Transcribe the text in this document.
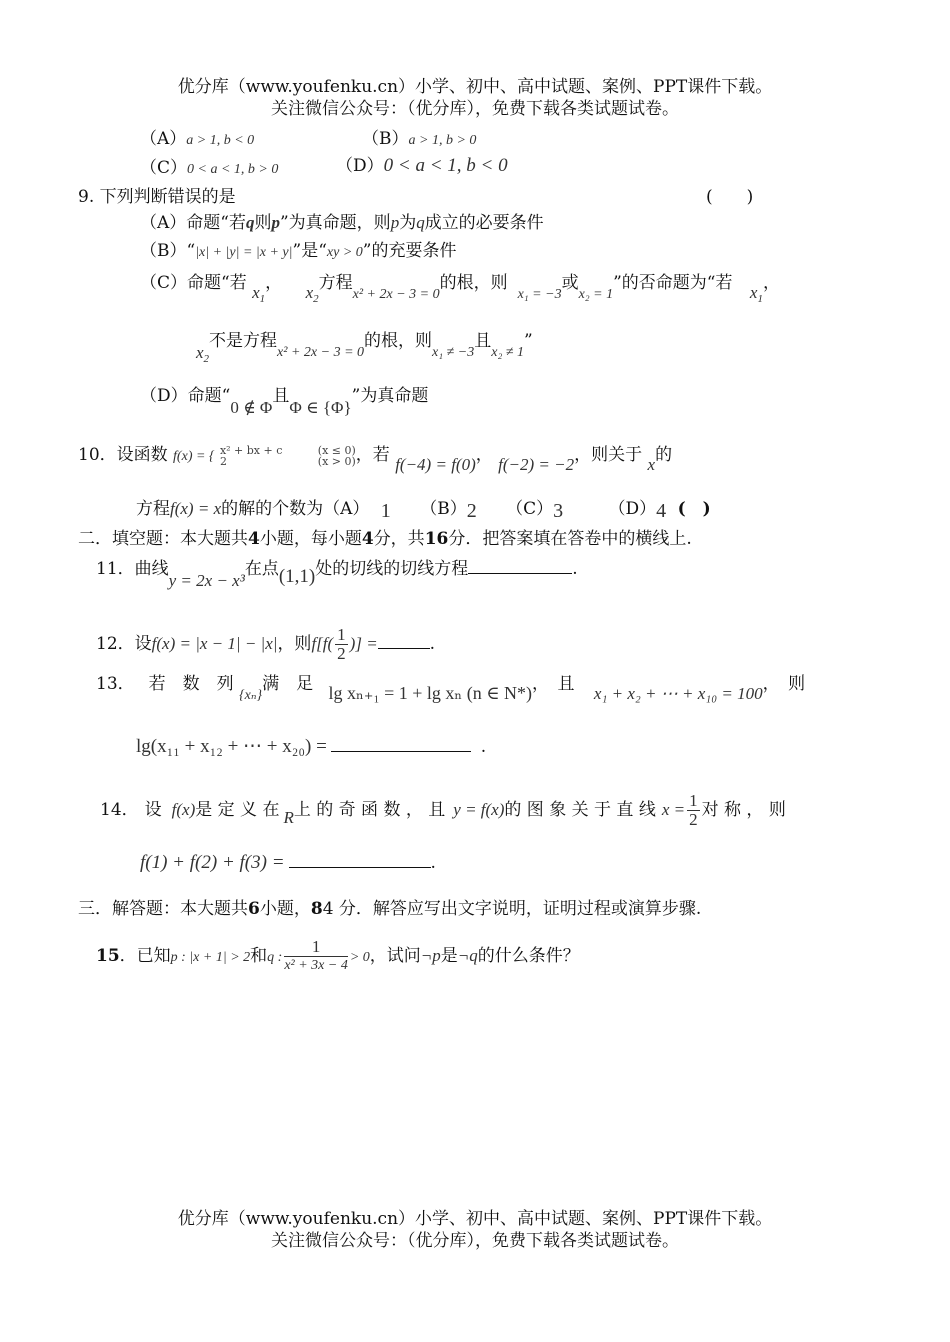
优分库（www.youfenku.cn）小学、初中、高中试题、案例、PPT课件下载。
关注微信公众号：（优分库），免费下载各类试题试卷。
（A）a > 1, b < 0	（B）a > 1, b > 0
（C）0 < a < 1, b > 0	（D）0 < a < 1, b < 0
9. 下列判断错误的是	(　　)
（A）命题“若q则p”为真命题，则p为q成立的必要条件
（B）“|x| + |y| = |x + y|”是“xy > 0”的充要条件
（C）命题“若 $x_1$， $x_2$方程$_{x^2 + 2x - 3 = 0}$的根，则$_{x_1 = -3}$或$_{x_2 = 1}$”的否命题为“若 $x_1$，
$x_2$不是方程$_{x^2 + 2x - 3 = 0}$的根，则$_{x_1 \ne -3}$且$_{x_2 \ne 1}$”
（D）命题“0 ∉ Φ且Φ ∈ {Φ}”为真命题
10．设函数 f(x) = { x² + bx + c
2 (x ≤ 0)
(x > 0)，若 f(−4) = f(0)， f(−2) = −2，则关于 x的
方程f(x) = x的解的个数为（A） 1 （B）2 （C）3	（D）4 (　)
二．填空题：本大题共4小题，每小题4分，共16分．把答案填在答卷中的横线上.
11．曲线y = 2x − x³在点(1,1)处的切线的切线方程	.
12．设f(x) = |x − 1| − |x|，则$f[f( \frac{1}{2}$ )] =	.
13． 若　数　列 $_{\{x_n\}}$满　足 lg xₙ₊₁ = 1 + lg xₙ (n ∈ N*)，　且 x₁ + x₂ + ⋯ + x₁₀ = 100，　则
lg(x₁₁ + x₁₂ + ⋯ + x₂₀) =	.
14． 设 f(x)是 定 义 在 R上 的 奇 函 数 ， 且 y = f(x)的 图 象 关 于 直 线 $x = \frac{1}{2}$ 对 称 ， 则
f(1) + f(2) + f(3) =	.
三．解答题：本大题共6小题，84 分．解答应写出文字说明，证明过程或演算步骤.
15．已知p : |x + 1| > 2和q : $\frac{1}{\text{x² + 3x − 4}} > 0$，试问¬p是¬q的什么条件？
优分库（www.youfenku.cn）小学、初中、高中试题、案例、PPT课件下载。
关注微信公众号：（优分库），免费下载各类试题试卷。
